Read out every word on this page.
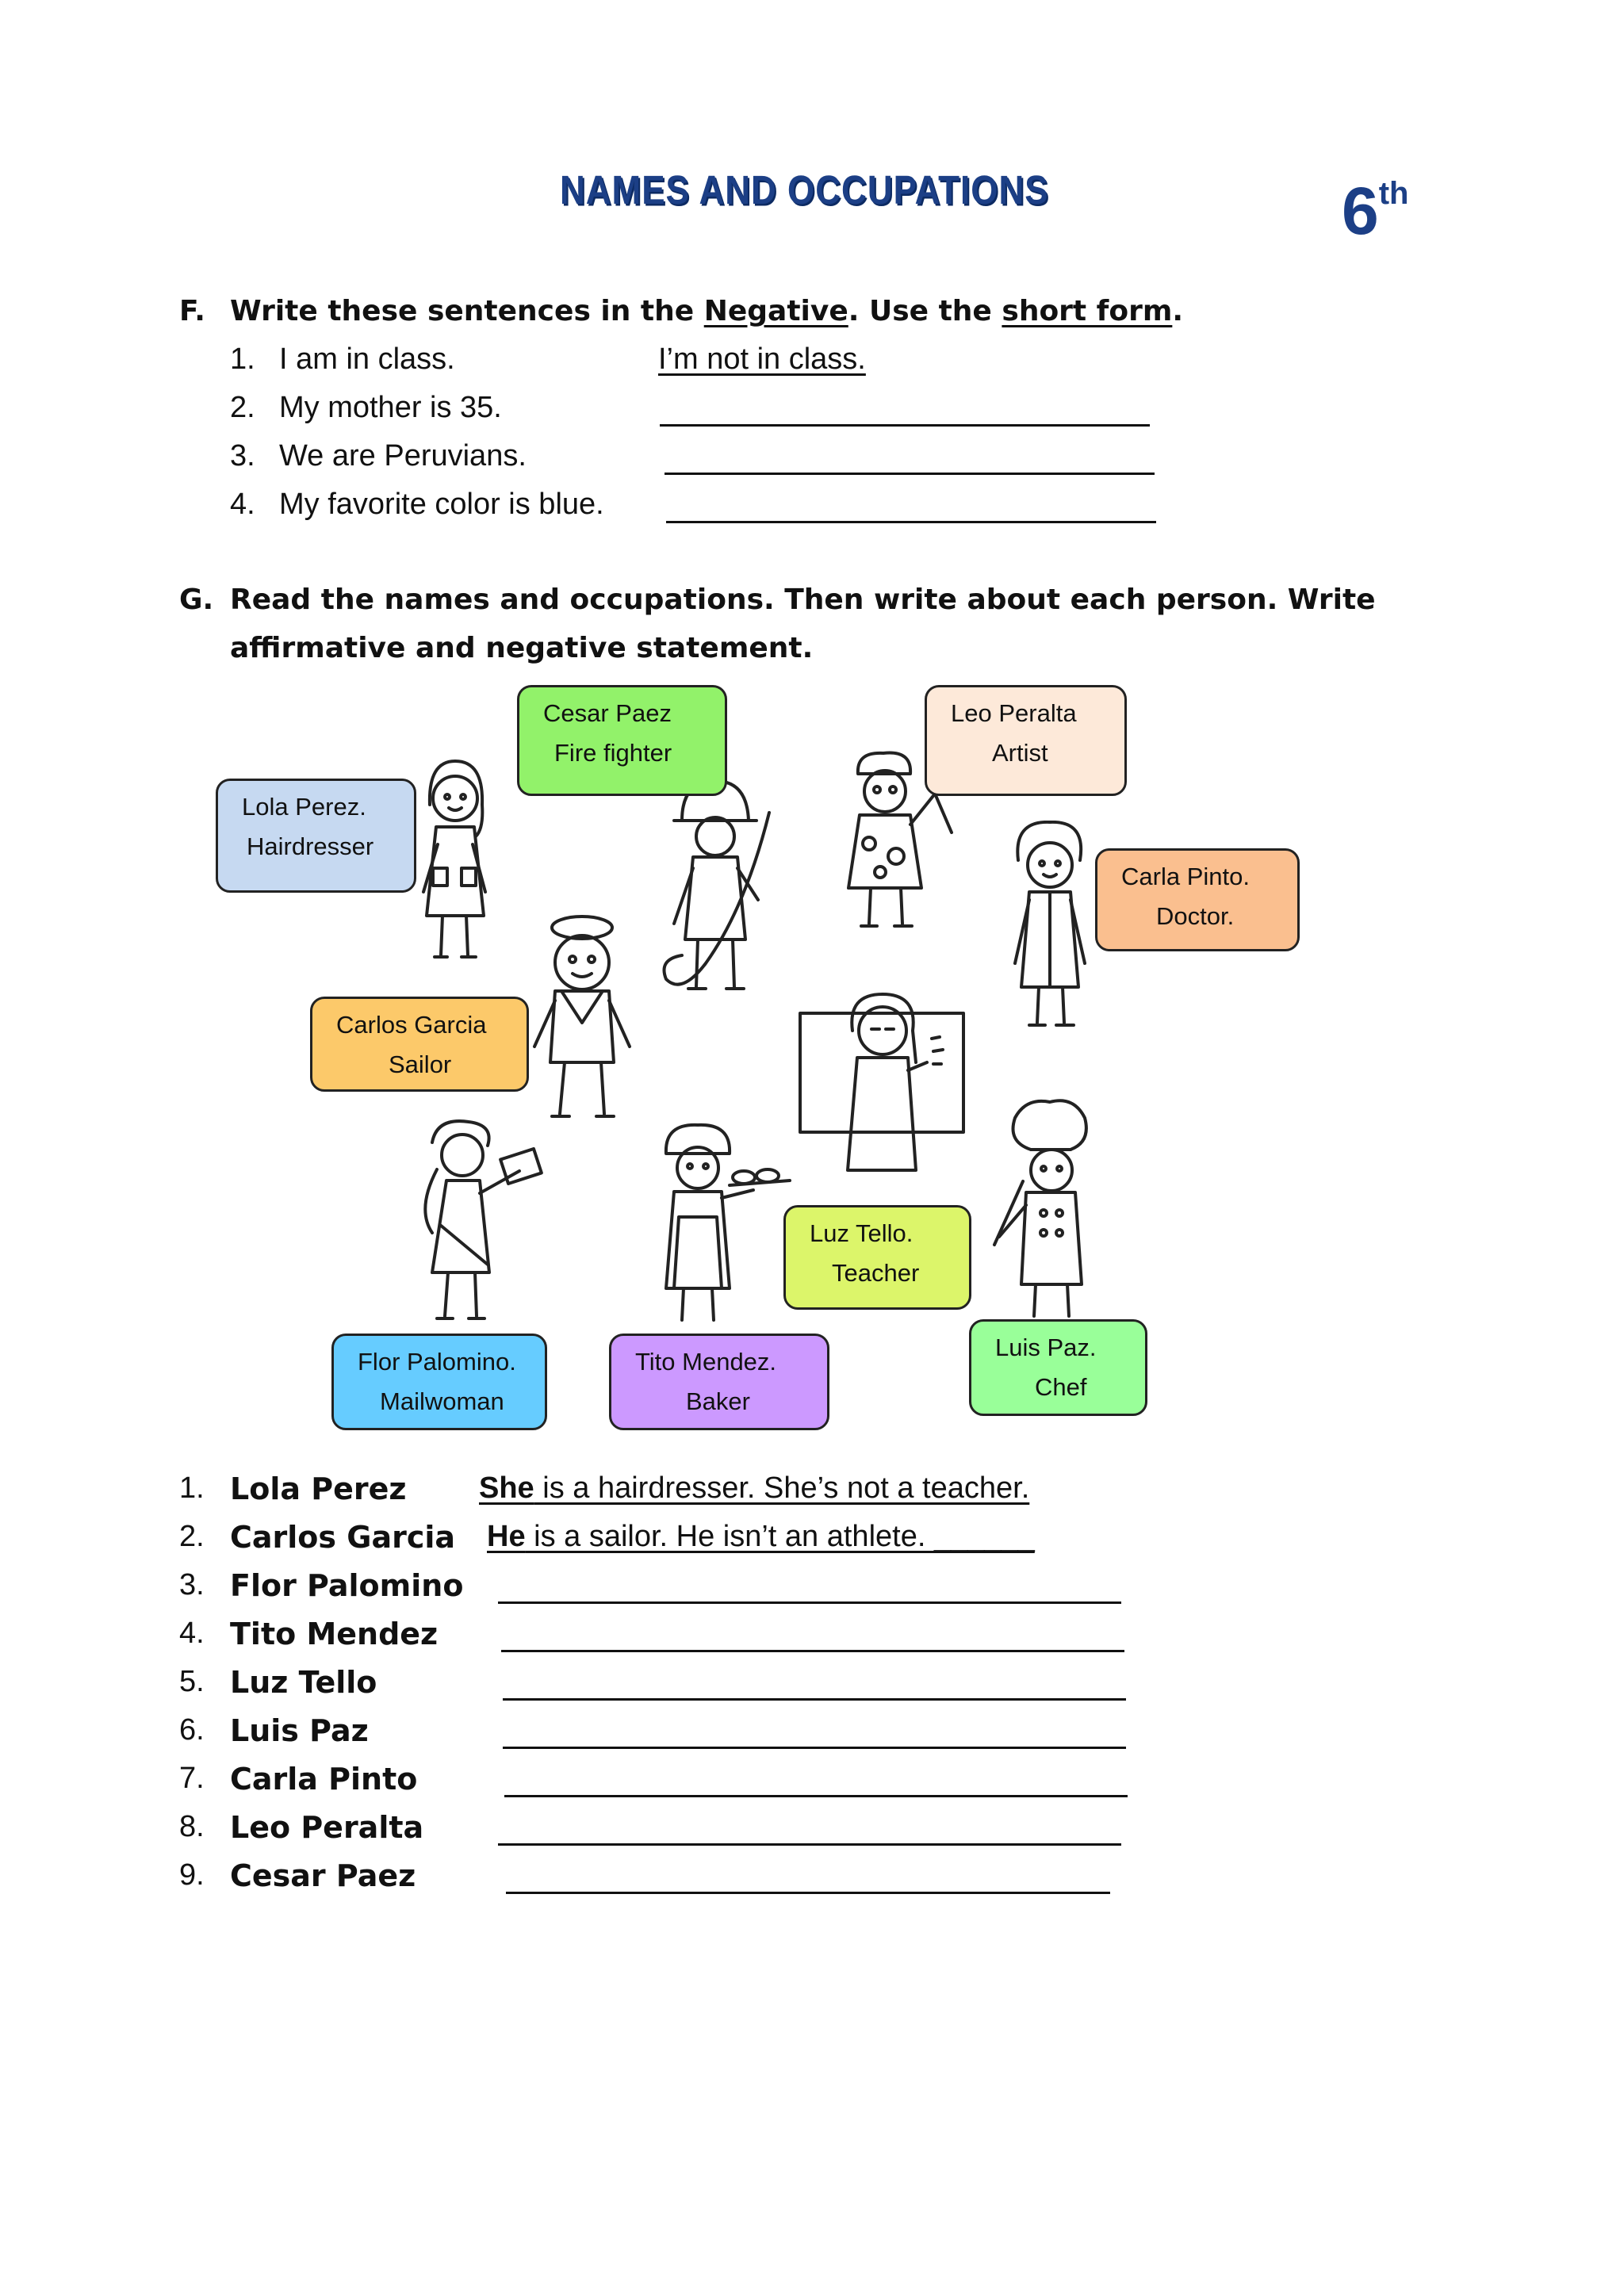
NAMES AND OCCUPATIONS	6th
F. Write these sentences in the Negative. Use the short form.
1. I am in class.	I’m not in class.
2. My mother is 35.
3. We are Peruvians.
4. My favorite color is blue.
G. Read the names and occupations. Then write about each person. Write
affirmative and negative statement.
Lola Perez.
Hairdresser
Cesar Paez
Fire fighter
Leo Peralta
Artist
Carla Pinto.
Doctor.
Carlos Garcia
Sailor
Luz Tello.
Teacher
Flor Palomino.
Mailwoman
Tito Mendez.
Baker
Luis Paz.
Chef
1. Lola Perez She is a hairdresser. She’s not a teacher.
2. Carlos Garcia He is a sailor. He isn’t an athlete. ______
3. Flor Palomino
4. Tito Mendez
5. Luz Tello
6. Luis Paz
7. Carla Pinto
8. Leo Peralta
9. Cesar Paez
